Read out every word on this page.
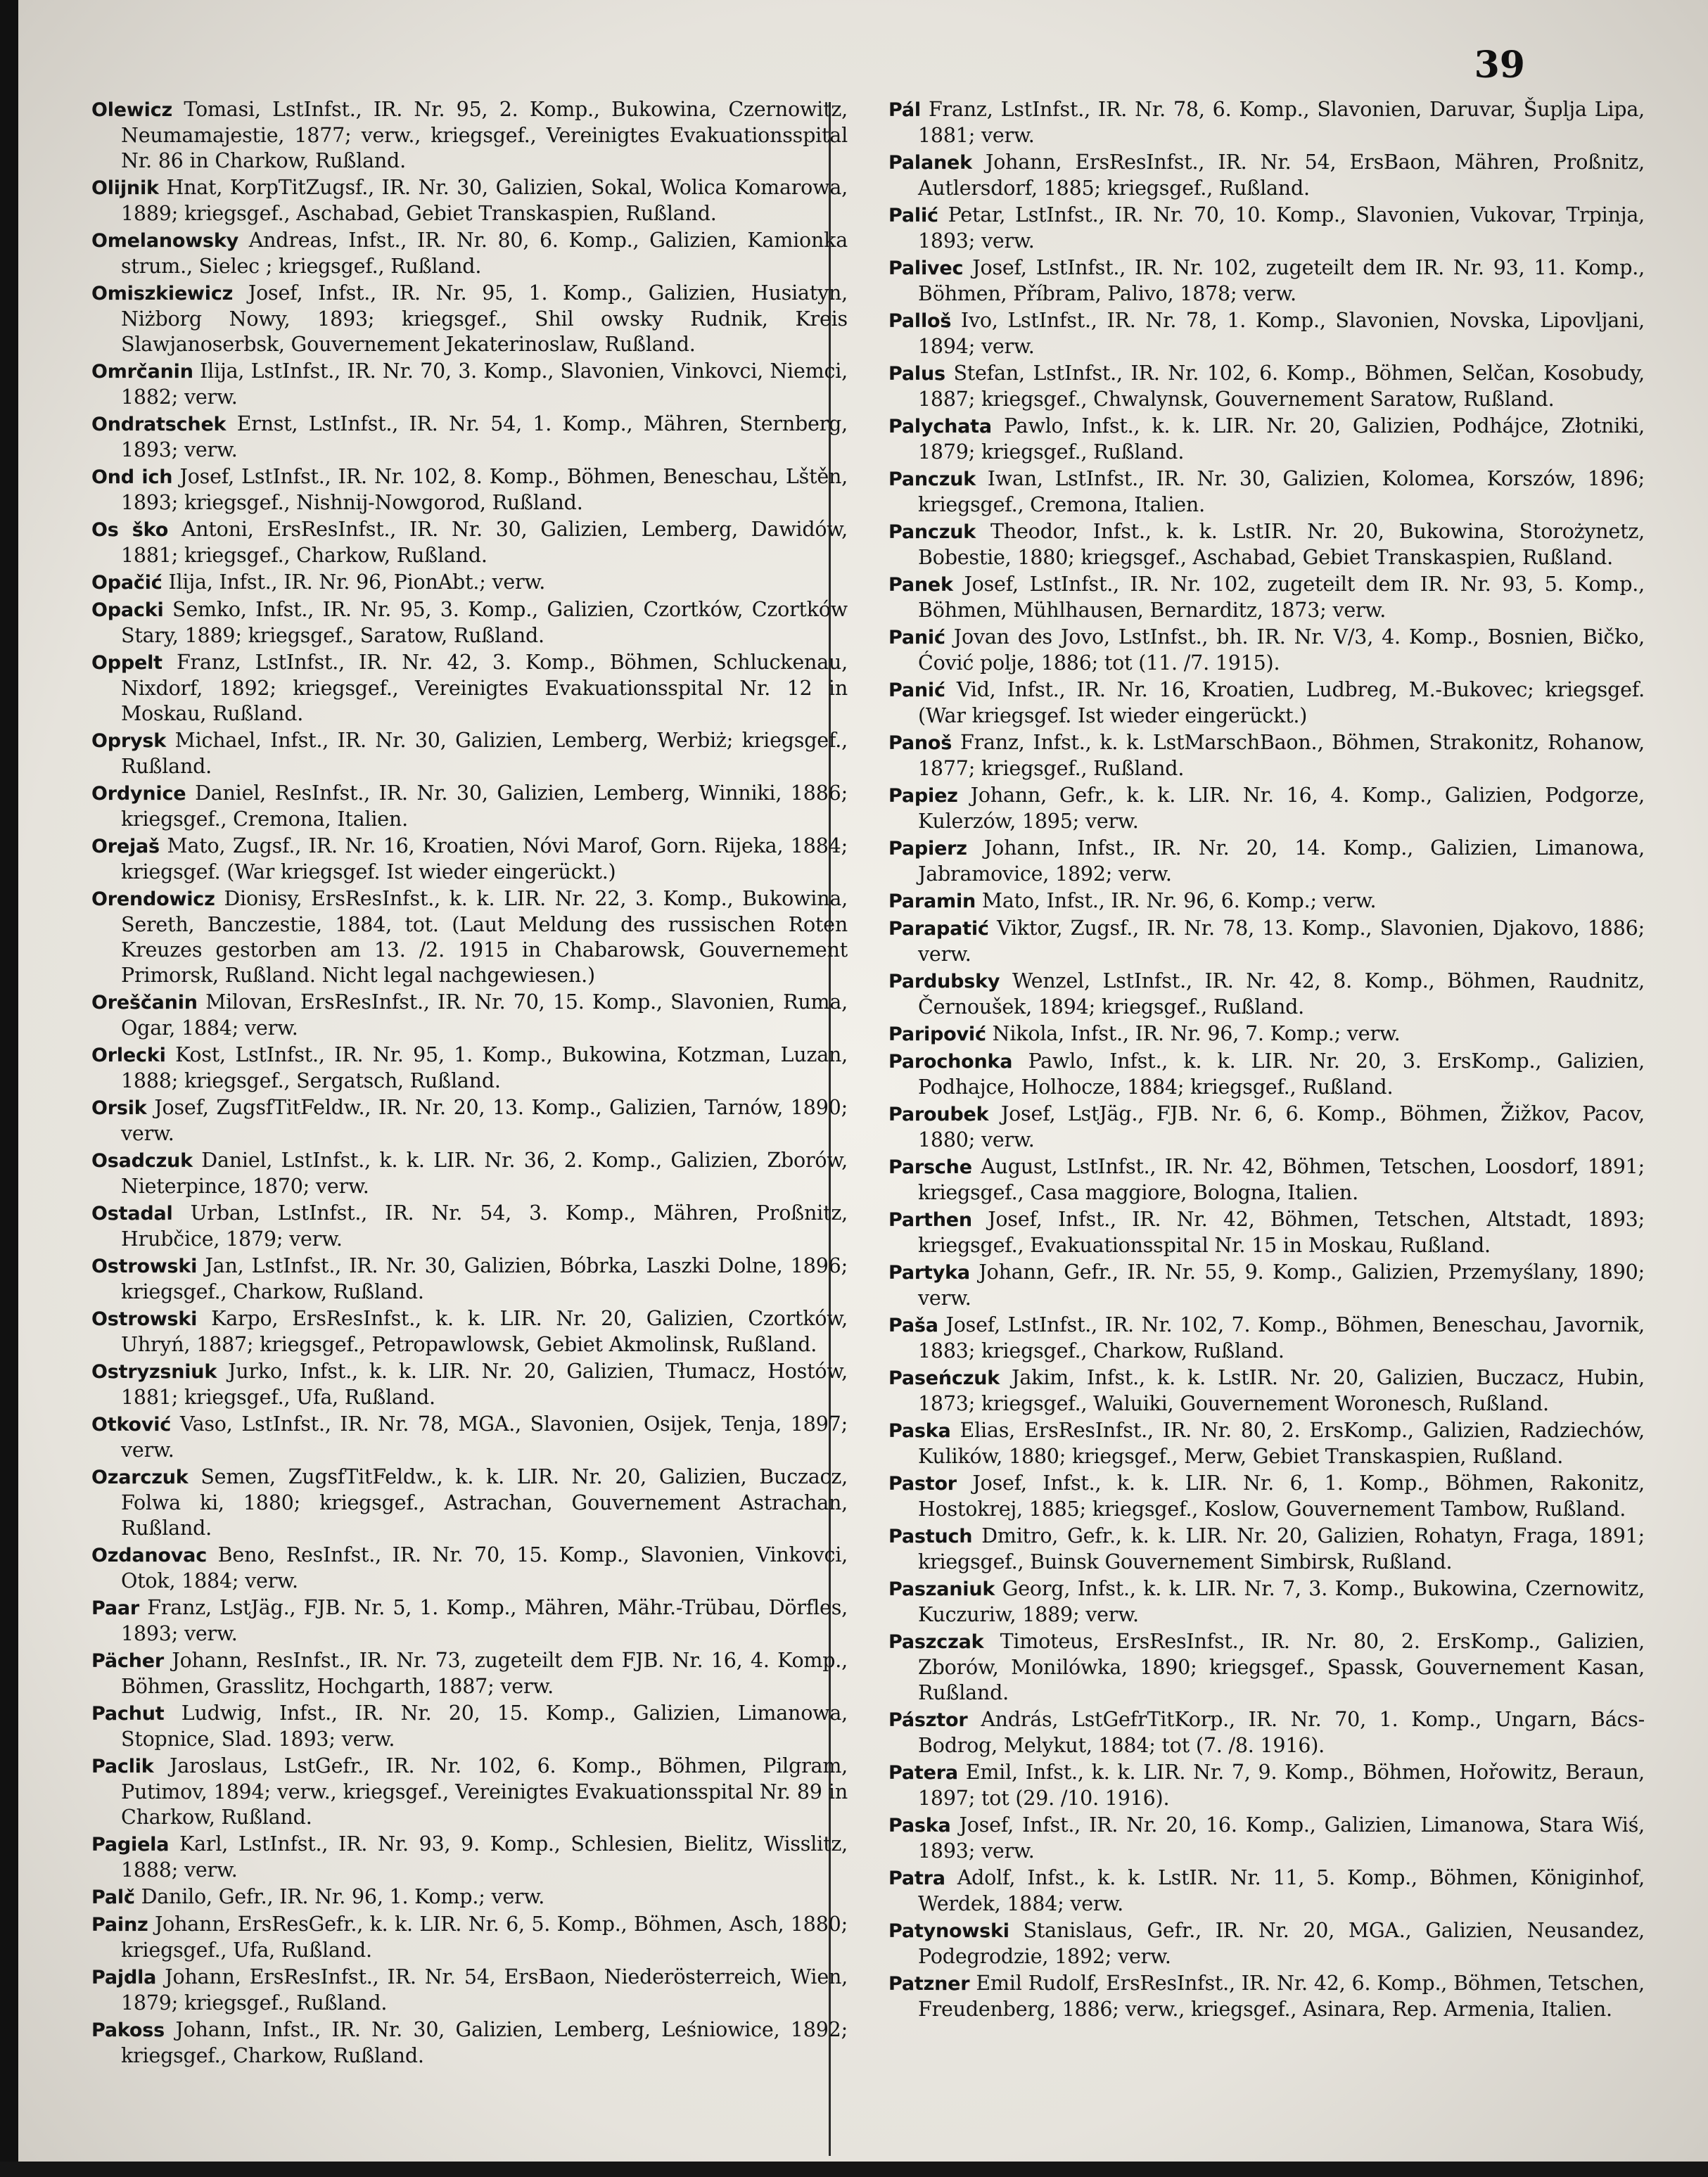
39

Olewicz Tomasi, LstInfst., IR. Nr. 95, 2. Komp., Bukowina, Czernowitz, Neumamajestie, 1877; verw., kriegsgef., Vereinigtes Evakuationsspital Nr. 86 in Charkow, Rußland.

Olijnik Hnat, KorpTitZugsf., IR. Nr. 30, Galizien, Sokal, Wolica Komarowa, 1889; kriegsgef., Aschabad, Gebiet Transkaspien, Rußland.

Omelanowsky Andreas, Infst., IR. Nr. 80, 6. Komp., Galizien, Kamionka strum., Sielec ; kriegsgef., Rußland.

Omiszkiewicz Josef, Infst., IR. Nr. 95, 1. Komp., Galizien, Husiatyn, Niżborg Nowy, 1893; kriegsgef., Shil owsky Rudnik, Kreis Slawjanoserbsk, Gouvernement Jekaterinoslaw, Rußland.

Omrčanin Ilija, LstInfst., IR. Nr. 70, 3. Komp., Slavonien, Vinkovci, Niemci, 1882; verw.

Ondratschek Ernst, LstInfst., IR. Nr. 54, 1. Komp., Mähren, Sternberg, 1893; verw.

Ond ich Josef, LstInfst., IR. Nr. 102, 8. Komp., Böhmen, Beneschau, Lštěn, 1893; kriegsgef., Nishnij-Nowgorod, Rußland.

Os ško Antoni, ErsResInfst., IR. Nr. 30, Galizien, Lemberg, Dawidów, 1881; kriegsgef., Charkow, Rußland.

Opačić Ilija, Infst., IR. Nr. 96, PionAbt.; verw.

Opacki Semko, Infst., IR. Nr. 95, 3. Komp., Galizien, Czortków, Czortków Stary, 1889; kriegsgef., Saratow, Rußland.

Oppelt Franz, LstInfst., IR. Nr. 42, 3. Komp., Böhmen, Schluckenau, Nixdorf, 1892; kriegsgef., Vereinigtes Evakuationsspital Nr. 12 in Moskau, Rußland.

Oprysk Michael, Infst., IR. Nr. 30, Galizien, Lemberg, Werbiż; kriegsgef., Rußland.

Ordynice Daniel, ResInfst., IR. Nr. 30, Galizien, Lemberg, Winniki, 1886; kriegsgef., Cremona, Italien.

Orejaš Mato, Zugsf., IR. Nr. 16, Kroatien, Nóvi Marof, Gorn. Rijeka, 1884; kriegsgef. (War kriegsgef. Ist wieder eingerückt.)

Orendowicz Dionisy, ErsResInfst., k. k. LIR. Nr. 22, 3. Komp., Bukowina, Sereth, Banczestie, 1884, tot. (Laut Meldung des russischen Roten Kreuzes gestorben am 13. /2. 1915 in Chabarowsk, Gouvernement Primorsk, Rußland. Nicht legal nachgewiesen.)

Oreščanin Milovan, ErsResInfst., IR. Nr. 70, 15. Komp., Slavonien, Ruma, Ogar, 1884; verw.

Orlecki Kost, LstInfst., IR. Nr. 95, 1. Komp., Bukowina, Kotzman, Luzan, 1888; kriegsgef., Sergatsch, Rußland.

Orsik Josef, ZugsfTitFeldw., IR. Nr. 20, 13. Komp., Galizien, Tarnów, 1890; verw.

Osadczuk Daniel, LstInfst., k. k. LIR. Nr. 36, 2. Komp., Galizien, Zborów, Nieterpince, 1870; verw.

Ostadal Urban, LstInfst., IR. Nr. 54, 3. Komp., Mähren, Proßnitz, Hrubčice, 1879; verw.

Ostrowski Jan, LstInfst., IR. Nr. 30, Galizien, Bóbrka, Laszki Dolne, 1896; kriegsgef., Charkow, Rußland.

Ostrowski Karpo, ErsResInfst., k. k. LIR. Nr. 20, Galizien, Czortków, Uhryń, 1887; kriegsgef., Petropawlowsk, Gebiet Akmolinsk, Rußland.

Ostryzsniuk Jurko, Infst., k. k. LIR. Nr. 20, Galizien, Tłumacz, Hostów, 1881; kriegsgef., Ufa, Rußland.

Otković Vaso, LstInfst., IR. Nr. 78, MGA., Slavonien, Osijek, Tenja, 1897; verw.

Ozarczuk Semen, ZugsfTitFeldw., k. k. LIR. Nr. 20, Galizien, Buczacz, Folwa ki, 1880; kriegsgef., Astrachan, Gouvernement Astrachan, Rußland.

Ozdanovac Beno, ResInfst., IR. Nr. 70, 15. Komp., Slavonien, Vinkovci, Otok, 1884; verw.

Paar Franz, LstJäg., FJB. Nr. 5, 1. Komp., Mähren, Mähr.-Trübau, Dörfles, 1893; verw.

Pächer Johann, ResInfst., IR. Nr. 73, zugeteilt dem FJB. Nr. 16, 4. Komp., Böhmen, Grasslitz, Hochgarth, 1887; verw.

Pachut Ludwig, Infst., IR. Nr. 20, 15. Komp., Galizien, Limanowa, Stopnice, Slad. 1893; verw.

Paclik Jaroslaus, LstGefr., IR. Nr. 102, 6. Komp., Böhmen, Pilgram, Putimov, 1894; verw., kriegsgef., Vereinigtes Evakuationsspital Nr. 89 in Charkow, Rußland.

Pagiela Karl, LstInfst., IR. Nr. 93, 9. Komp., Schlesien, Bielitz, Wisslitz, 1888; verw.

Palč Danilo, Gefr., IR. Nr. 96, 1. Komp.; verw.

Painz Johann, ErsResGefr., k. k. LIR. Nr. 6, 5. Komp., Böhmen, Asch, 1880; kriegsgef., Ufa, Rußland.

Pajdla Johann, ErsResInfst., IR. Nr. 54, ErsBaon, Niederösterreich, Wien, 1879; kriegsgef., Rußland.

Pakoss Johann, Infst., IR. Nr. 30, Galizien, Lemberg, Leśniowice, 1892; kriegsgef., Charkow, Rußland.

Pál Franz, LstInfst., IR. Nr. 78, 6. Komp., Slavonien, Daruvar, Šuplja Lipa, 1881; verw.

Palanek Johann, ErsResInfst., IR. Nr. 54, ErsBaon, Mähren, Proßnitz, Autlersdorf, 1885; kriegsgef., Rußland.

Palić Petar, LstInfst., IR. Nr. 70, 10. Komp., Slavonien, Vukovar, Trpinja, 1893; verw.

Palivec Josef, LstInfst., IR. Nr. 102, zugeteilt dem IR. Nr. 93, 11. Komp., Böhmen, Příbram, Palivo, 1878; verw.

Palloš Ivo, LstInfst., IR. Nr. 78, 1. Komp., Slavonien, Novska, Lipovljani, 1894; verw.

Palus Stefan, LstInfst., IR. Nr. 102, 6. Komp., Böhmen, Selčan, Kosobudy, 1887; kriegsgef., Chwalynsk, Gouvernement Saratow, Rußland.

Palychata Pawlo, Infst., k. k. LIR. Nr. 20, Galizien, Podhájce, Złotniki, 1879; kriegsgef., Rußland.

Panczuk Iwan, LstInfst., IR. Nr. 30, Galizien, Kolomea, Korszów, 1896; kriegsgef., Cremona, Italien.

Panczuk Theodor, Infst., k. k. LstIR. Nr. 20, Bukowina, Storożynetz, Bobestie, 1880; kriegsgef., Aschabad, Gebiet Transkaspien, Rußland.

Panek Josef, LstInfst., IR. Nr. 102, zugeteilt dem IR. Nr. 93, 5. Komp., Böhmen, Mühlhausen, Bernarditz, 1873; verw.

Panić Jovan des Jovo, LstInfst., bh. IR. Nr. V/3, 4. Komp., Bosnien, Bičko, Ćović polje, 1886; tot (11. /7. 1915).

Panić Vid, Infst., IR. Nr. 16, Kroatien, Ludbreg, M.-Bukovec; kriegsgef. (War kriegsgef. Ist wieder eingerückt.)

Panoš Franz, Infst., k. k. LstMarschBaon., Böhmen, Strakonitz, Rohanow, 1877; kriegsgef., Rußland.

Papiez Johann, Gefr., k. k. LIR. Nr. 16, 4. Komp., Galizien, Podgorze, Kulerzów, 1895; verw.

Papierz Johann, Infst., IR. Nr. 20, 14. Komp., Galizien, Limanowa, Jabramovice, 1892; verw.

Paramin Mato, Infst., IR. Nr. 96, 6. Komp.; verw.

Parapatić Viktor, Zugsf., IR. Nr. 78, 13. Komp., Slavonien, Djakovo, 1886; verw.

Pardubsky Wenzel, LstInfst., IR. Nr. 42, 8. Komp., Böhmen, Raudnitz, Černoušek, 1894; kriegsgef., Rußland.

Paripović Nikola, Infst., IR. Nr. 96, 7. Komp.; verw.

Parochonka Pawlo, Infst., k. k. LIR. Nr. 20, 3. ErsKomp., Galizien, Podhajce, Holhocze, 1884; kriegsgef., Rußland.

Paroubek Josef, LstJäg., FJB. Nr. 6, 6. Komp., Böhmen, Žižkov, Pacov, 1880; verw.

Parsche August, LstInfst., IR. Nr. 42, Böhmen, Tetschen, Loosdorf, 1891; kriegsgef., Casa maggiore, Bologna, Italien.

Parthen Josef, Infst., IR. Nr. 42, Böhmen, Tetschen, Altstadt, 1893; kriegsgef., Evakuationsspital Nr. 15 in Moskau, Rußland.

Partyka Johann, Gefr., IR. Nr. 55, 9. Komp., Galizien, Przemyślany, 1890; verw.

Paša Josef, LstInfst., IR. Nr. 102, 7. Komp., Böhmen, Beneschau, Javornik, 1883; kriegsgef., Charkow, Rußland.

Paseńczuk Jakim, Infst., k. k. LstIR. Nr. 20, Galizien, Buczacz, Hubin, 1873; kriegsgef., Waluiki, Gouvernement Woronesch, Rußland.

Paska Elias, ErsResInfst., IR. Nr. 80, 2. ErsKomp., Galizien, Radziechów, Kulików, 1880; kriegsgef., Merw, Gebiet Transkaspien, Rußland.

Pastor Josef, Infst., k. k. LIR. Nr. 6, 1. Komp., Böhmen, Rakonitz, Hostokrej, 1885; kriegsgef., Koslow, Gouvernement Tambow, Rußland.

Pastuch Dmitro, Gefr., k. k. LIR. Nr. 20, Galizien, Rohatyn, Fraga, 1891; kriegsgef., Buinsk Gouvernement Simbirsk, Rußland.

Paszaniuk Georg, Infst., k. k. LIR. Nr. 7, 3. Komp., Bukowina, Czernowitz, Kuczuriw, 1889; verw.

Paszczak Timoteus, ErsResInfst., IR. Nr. 80, 2. ErsKomp., Galizien, Zborów, Monilówka, 1890; kriegsgef., Spassk, Gouvernement Kasan, Rußland.

Pásztor András, LstGefrTitKorp., IR. Nr. 70, 1. Komp., Ungarn, Bács-Bodrog, Melykut, 1884; tot (7. /8. 1916).

Patera Emil, Infst., k. k. LIR. Nr. 7, 9. Komp., Böhmen, Hořowitz, Beraun, 1897; tot (29. /10. 1916).

Paska Josef, Infst., IR. Nr. 20, 16. Komp., Galizien, Limanowa, Stara Wiś, 1893; verw.

Patra Adolf, Infst., k. k. LstIR. Nr. 11, 5. Komp., Böhmen, Königinhof, Werdek, 1884; verw.

Patynowski Stanislaus, Gefr., IR. Nr. 20, MGA., Galizien, Neusandez, Podegrodzie, 1892; verw.

Patzner Emil Rudolf, ErsResInfst., IR. Nr. 42, 6. Komp., Böhmen, Tetschen, Freudenberg, 1886; verw., kriegsgef., Asinara, Rep. Armenia, Italien.
